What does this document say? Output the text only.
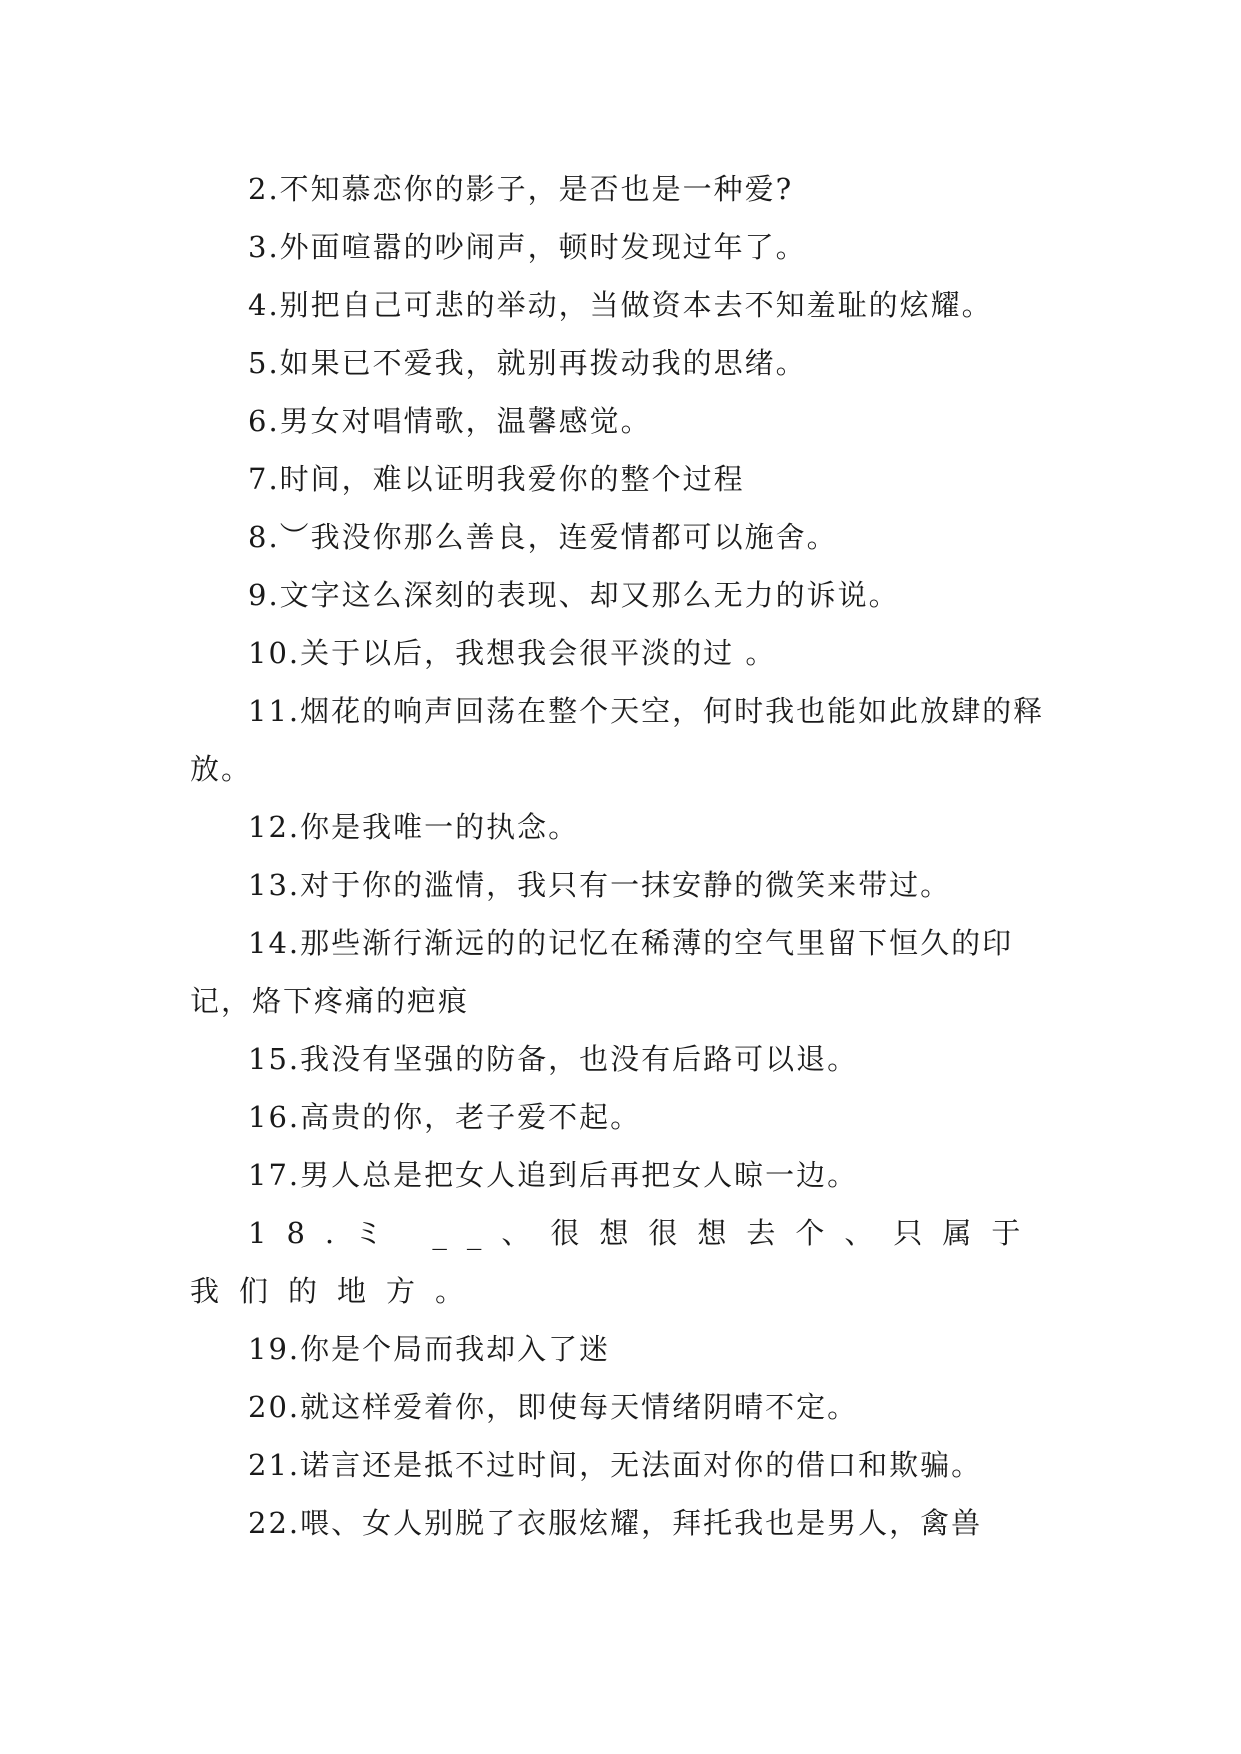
2.不知慕恋你的影子，是否也是一种爱?

3.外面喧嚣的吵闹声，顿时发现过年了。

4.别把自己可悲的举动，当做资本去不知羞耻的炫耀。

5.如果已不爱我，就别再拨动我的思绪。

6.男女对唱情歌，温馨感觉。

7.时间，难以证明我爱你的整个过程

8.︶我没你那么善良，连爱情都可以施舍。

9.文字这么深刻的表现、却又那么无力的诉说。

10.关于以后，我想我会很平淡的过 。

11.烟花的响声回荡在整个天空，何时我也能如此放肆的释放。

12.你是我唯一的执念。

13.对于你的滥情，我只有一抹安静的微笑来带过。

14.那些渐行渐远的的记忆在稀薄的空气里留下恒久的印记，烙下疼痛的疤痕

15.我没有坚强的防备，也没有后路可以退。

16.高贵的你，老子爱不起。

17.男人总是把女人追到后再把女人晾一边。

18.ミ __、很想很想去个、只属于我们的地方。

19.你是个局而我却入了迷

20.就这样爱着你，即使每天情绪阴晴不定。

21.诺言还是抵不过时间，无法面对你的借口和欺骗。

22.喂、女人别脱了衣服炫耀，拜托我也是男人，禽兽
